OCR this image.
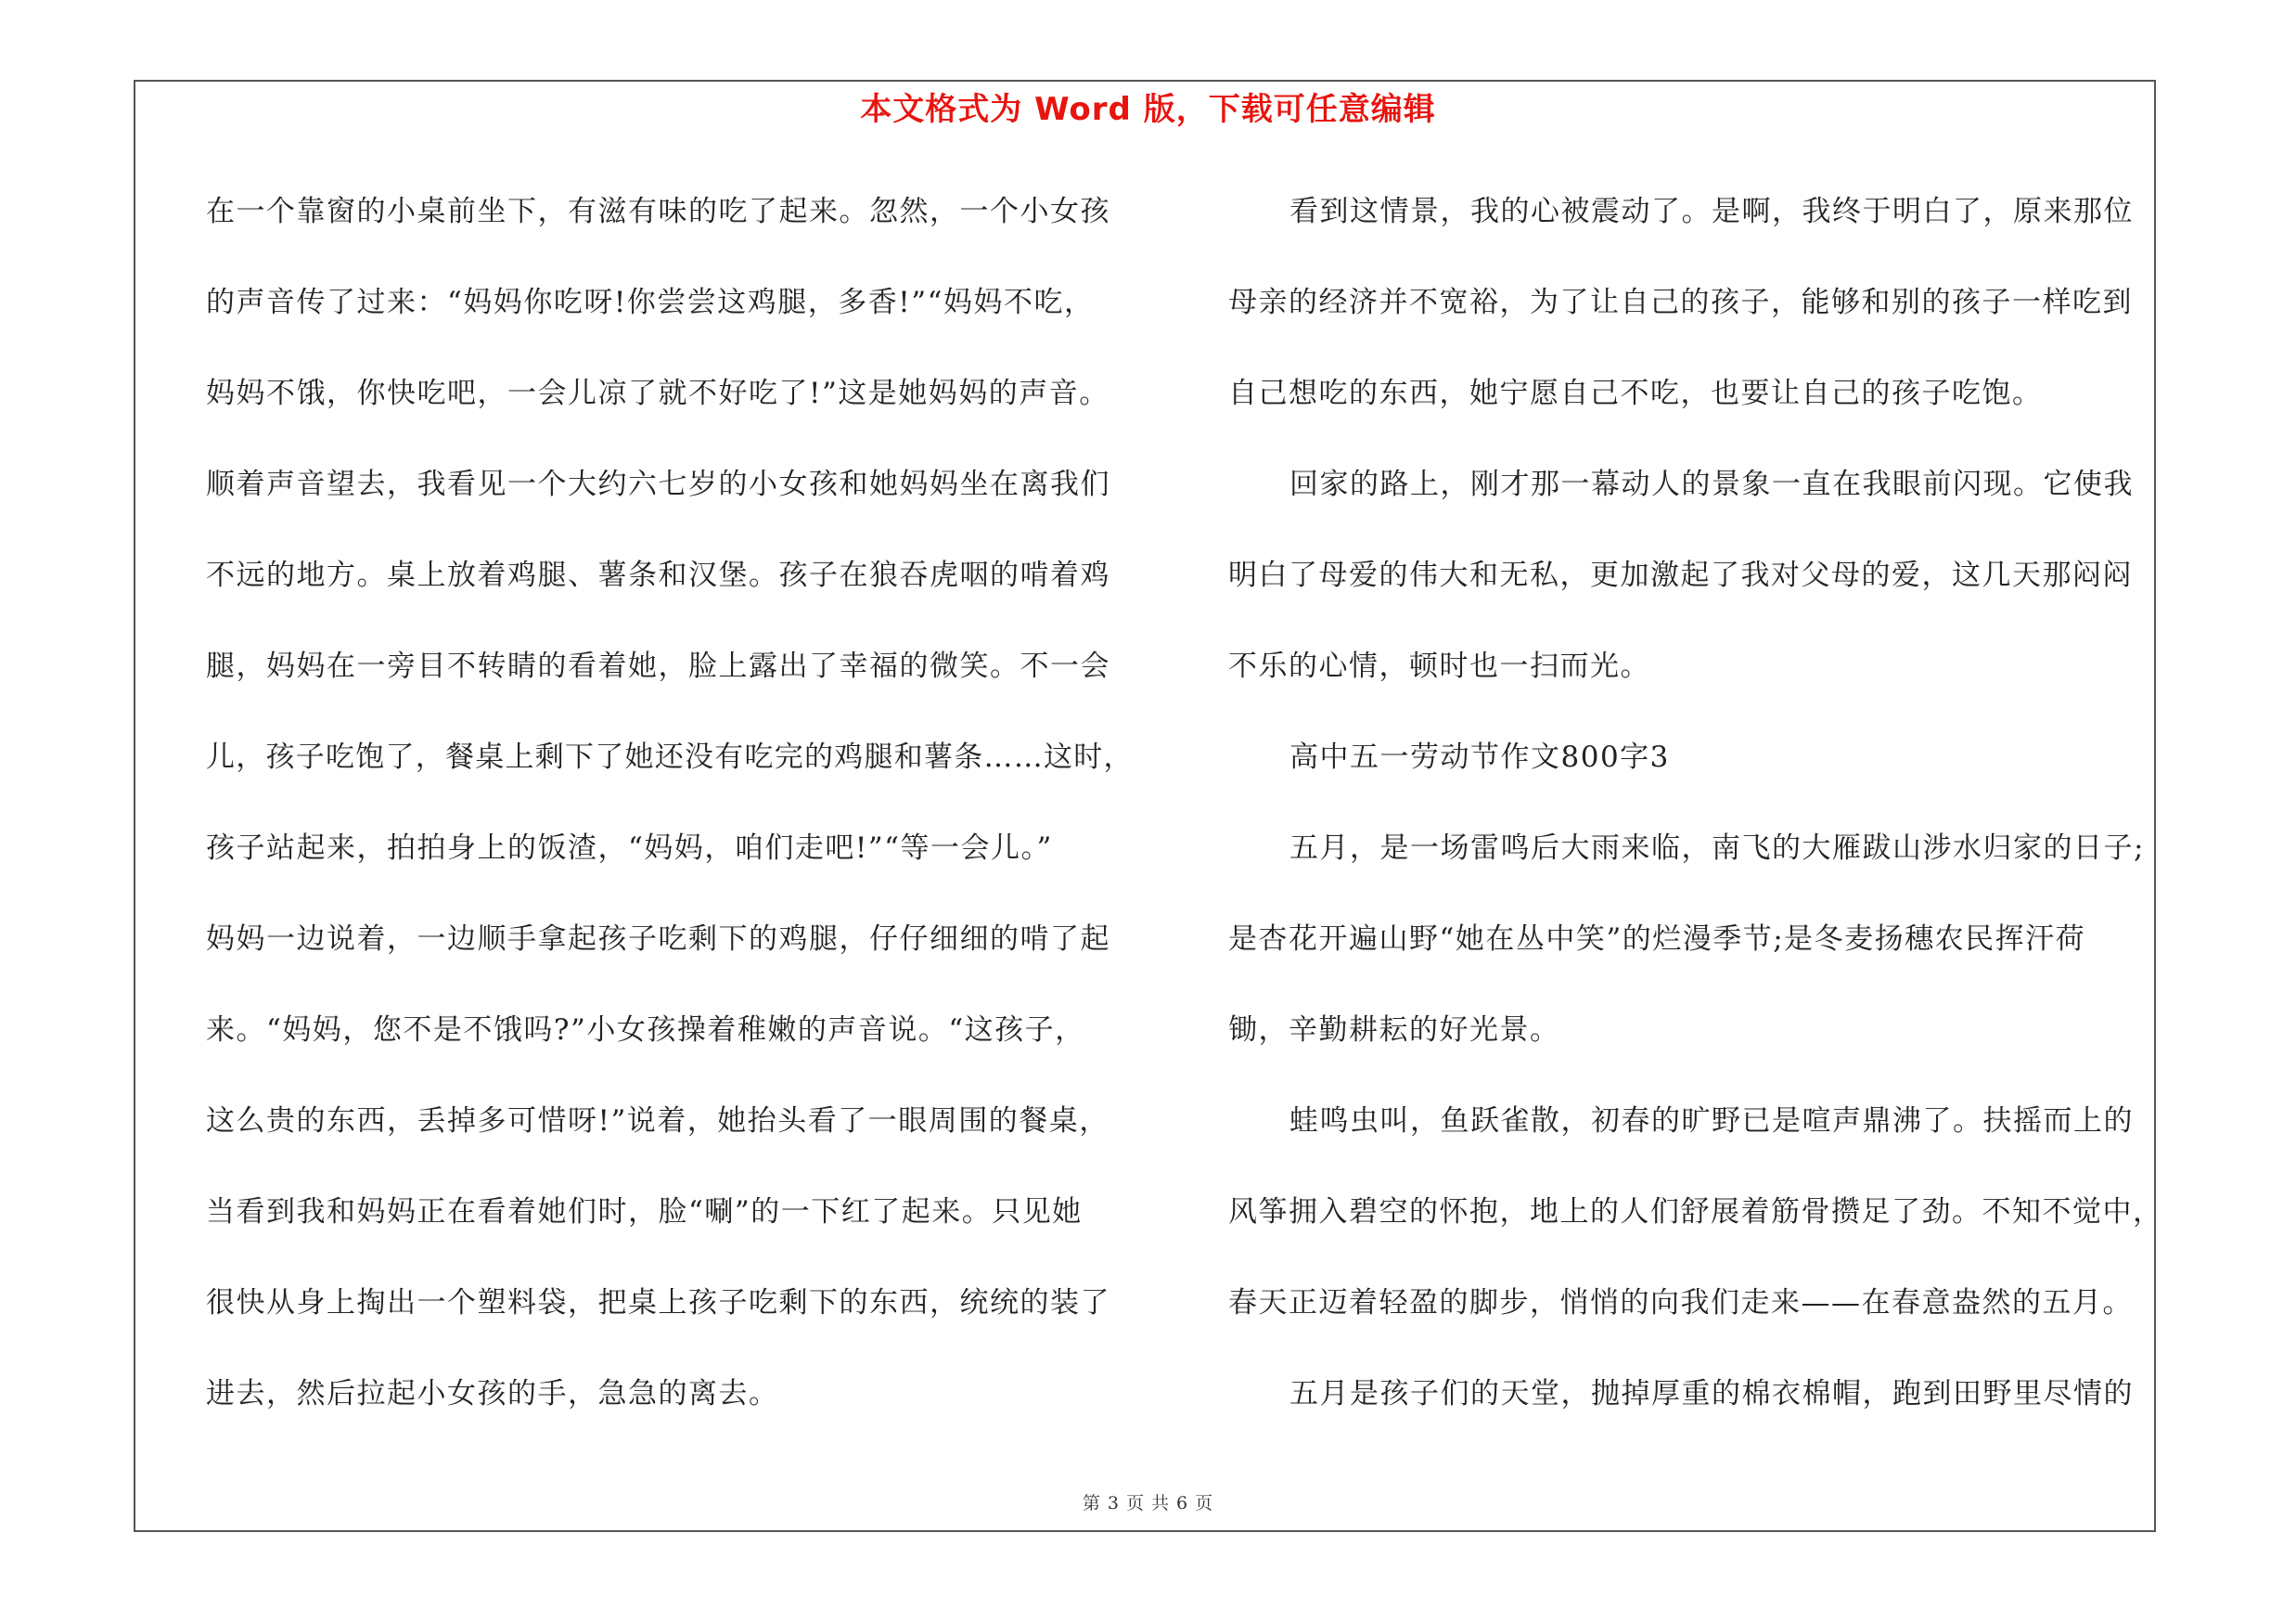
本文格式为 Word 版，下载可任意编辑
在一个靠窗的小桌前坐下，有滋有味的吃了起来。忽然，一个小女孩
的声音传了过来：“妈妈你吃呀!你尝尝这鸡腿，多香!”“妈妈不吃，
妈妈不饿，你快吃吧，一会儿凉了就不好吃了!”这是她妈妈的声音。
顺着声音望去，我看见一个大约六七岁的小女孩和她妈妈坐在离我们
不远的地方。桌上放着鸡腿、薯条和汉堡。孩子在狼吞虎咽的啃着鸡
腿，妈妈在一旁目不转睛的看着她，脸上露出了幸福的微笑。不一会
儿，孩子吃饱了，餐桌上剩下了她还没有吃完的鸡腿和薯条……这时，
孩子站起来，拍拍身上的饭渣，“妈妈，咱们走吧!”“等一会儿。”
妈妈一边说着，一边顺手拿起孩子吃剩下的鸡腿，仔仔细细的啃了起
来。“妈妈，您不是不饿吗?”小女孩操着稚嫩的声音说。“这孩子，
这么贵的东西，丢掉多可惜呀!”说着，她抬头看了一眼周围的餐桌，
当看到我和妈妈正在看着她们时，脸“唰”的一下红了起来。只见她
很快从身上掏出一个塑料袋，把桌上孩子吃剩下的东西，统统的装了
进去，然后拉起小女孩的手，急急的离去。
看到这情景，我的心被震动了。是啊，我终于明白了，原来那位
母亲的经济并不宽裕，为了让自己的孩子，能够和别的孩子一样吃到
自己想吃的东西，她宁愿自己不吃，也要让自己的孩子吃饱。
回家的路上，刚才那一幕动人的景象一直在我眼前闪现。它使我
明白了母爱的伟大和无私，更加激起了我对父母的爱，这几天那闷闷
不乐的心情，顿时也一扫而光。
高中五一劳动节作文800字3
五月，是一场雷鸣后大雨来临，南飞的大雁跋山涉水归家的日子;
是杏花开遍山野“她在丛中笑”的烂漫季节;是冬麦扬穗农民挥汗荷
锄，辛勤耕耘的好光景。
蛙鸣虫叫，鱼跃雀散，初春的旷野已是喧声鼎沸了。扶摇而上的
风筝拥入碧空的怀抱，地上的人们舒展着筋骨攒足了劲。不知不觉中，
春天正迈着轻盈的脚步，悄悄的向我们走来——在春意盎然的五月。
五月是孩子们的天堂，抛掉厚重的棉衣棉帽，跑到田野里尽情的
第 3 页 共 6 页
